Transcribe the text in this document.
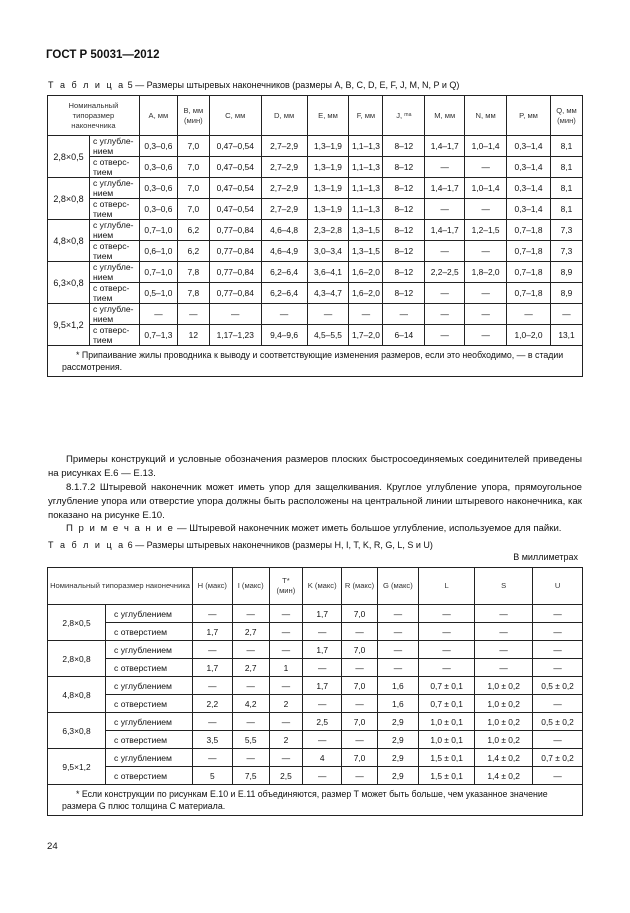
ГОСТ Р 50031—2012
Т а б л и ц а 5 — Размеры штыревых наконечников (размеры A, B, C, D, E, F, J, M, N, P и Q)
Номинальный типоразмер наконечника		A, мм	B, мм (мин)	C, мм	D, мм	E, мм	F, мм	J, ᵐᵃ	M, мм	N, мм	P, мм	Q, мм (мин)
2,8×0,5	с углубле-нием	0,3–0,6	7,0	0,47–0,54	2,7–2,9	1,3–1,9	1,1–1,3	8–12	1,4–1,7	1,0–1,4	0,3–1,4	8,1
	с отверс-тием	0,3–0,6	7,0	0,47–0,54	2,7–2,9	1,3–1,9	1,1–1,3	8–12	—	—	0,3–1,4	8,1
2,8×0,8	с углубле-нием	0,3–0,6	7,0	0,47–0,54	2,7–2,9	1,3–1,9	1,1–1,3	8–12	1,4–1,7	1,0–1,4	0,3–1,4	8,1
	с отверс-тием	0,3–0,6	7,0	0,47–0,54	2,7–2,9	1,3–1,9	1,1–1,3	8–12	—	—	0,3–1,4	8,1
4,8×0,8	с углубле-нием	0,7–1,0	6,2	0,77–0,84	4,6–4,8	2,3–2,8	1,3–1,5	8–12	1,4–1,7	1,2–1,5	0,7–1,8	7,3
	с отверс-тием	0,6–1,0	6,2	0,77–0,84	4,6–4,9	3,0–3,4	1,3–1,5	8–12	—	—	0,7–1,8	7,3
6,3×0,8	с углубле-нием	0,7–1,0	7,8	0,77–0,84	6,2–6,4	3,6–4,1	1,6–2,0	8–12	2,2–2,5	1,8–2,0	0,7–1,8	8,9
	с отверс-тием	0,5–1,0	7,8	0,77–0,84	6,2–6,4	4,3–4,7	1,6–2,0	8–12	—	—	0,7–1,8	8,9
9,5×1,2	с углубле-нием	—	—	—	—	—	—	—	—	—	—	—
	с отверс-тием	0,7–1,3	12	1,17–1,23	9,4–9,6	4,5–5,5	1,7–2,0	6–14	—	—	1,0–2,0	13,1
* Припаивание жилы проводника к выводу и соответствующие изменения размеров, если это необходимо, — в стадии рассмотрения.												
Примеры конструкций и условные обозначения размеров плоских быстросоединяемых соединителей приведены на рисунках Е.6 — Е.13.
8.1.7.2 Штыревой наконечник может иметь упор для защелкивания. Круглое углубление упора, прямоугольное углубление упора или отверстие упора должны быть расположены на центральной линии штыревого наконечника, как показано на рисунке Е.10.
П р и м е ч а н и е — Штыревой наконечник может иметь большое углубление, используемое для пайки.
Т а б л и ц а 6 — Размеры штыревых наконечников (размеры H, I, T, K, R, G, L, S и U)
В миллиметрах
Номинальный типоразмер наконечника		H (макс)	I (макс)	T* (мин)	K (макс)	R (макс)	G (макс)	L	S	U
2,8×0,5	с углублением	—	—	—	1,7	7,0	—	—	—	—
	с отверстием	1,7	2,7	—	—	—	—	—	—	—
2,8×0,8	с углублением	—	—	—	1,7	7,0	—	—	—	—
	с отверстием	1,7	2,7	1	—	—	—	—	—	—
4,8×0,8	с углублением	—	—	—	1,7	7,0	1,6	0,7 ± 0,1	1,0 ± 0,2	0,5 ± 0,2
	с отверстием	2,2	4,2	2	—	—	1,6	0,7 ± 0,1	1,0 ± 0,2	—
6,3×0,8	с углублением	—	—	—	2,5	7,0	2,9	1,0 ± 0,1	1,0 ± 0,2	0,5 ± 0,2
	с отверстием	3,5	5,5	2	—	—	2,9	1,0 ± 0,1	1,0 ± 0,2	—
9,5×1,2	с углублением	—	—	—	4	7,0	2,9	1,5 ± 0,1	1,4 ± 0,2	0,7 ± 0,2
	с отверстием	5	7,5	2,5	—	—	2,9	1,5 ± 0,1	1,4 ± 0,2	—
* Если конструкции по рисункам Е.10 и Е.11 объединяются, размер T может быть больше, чем указанное значение размера G плюс толщина C материала.										
24
